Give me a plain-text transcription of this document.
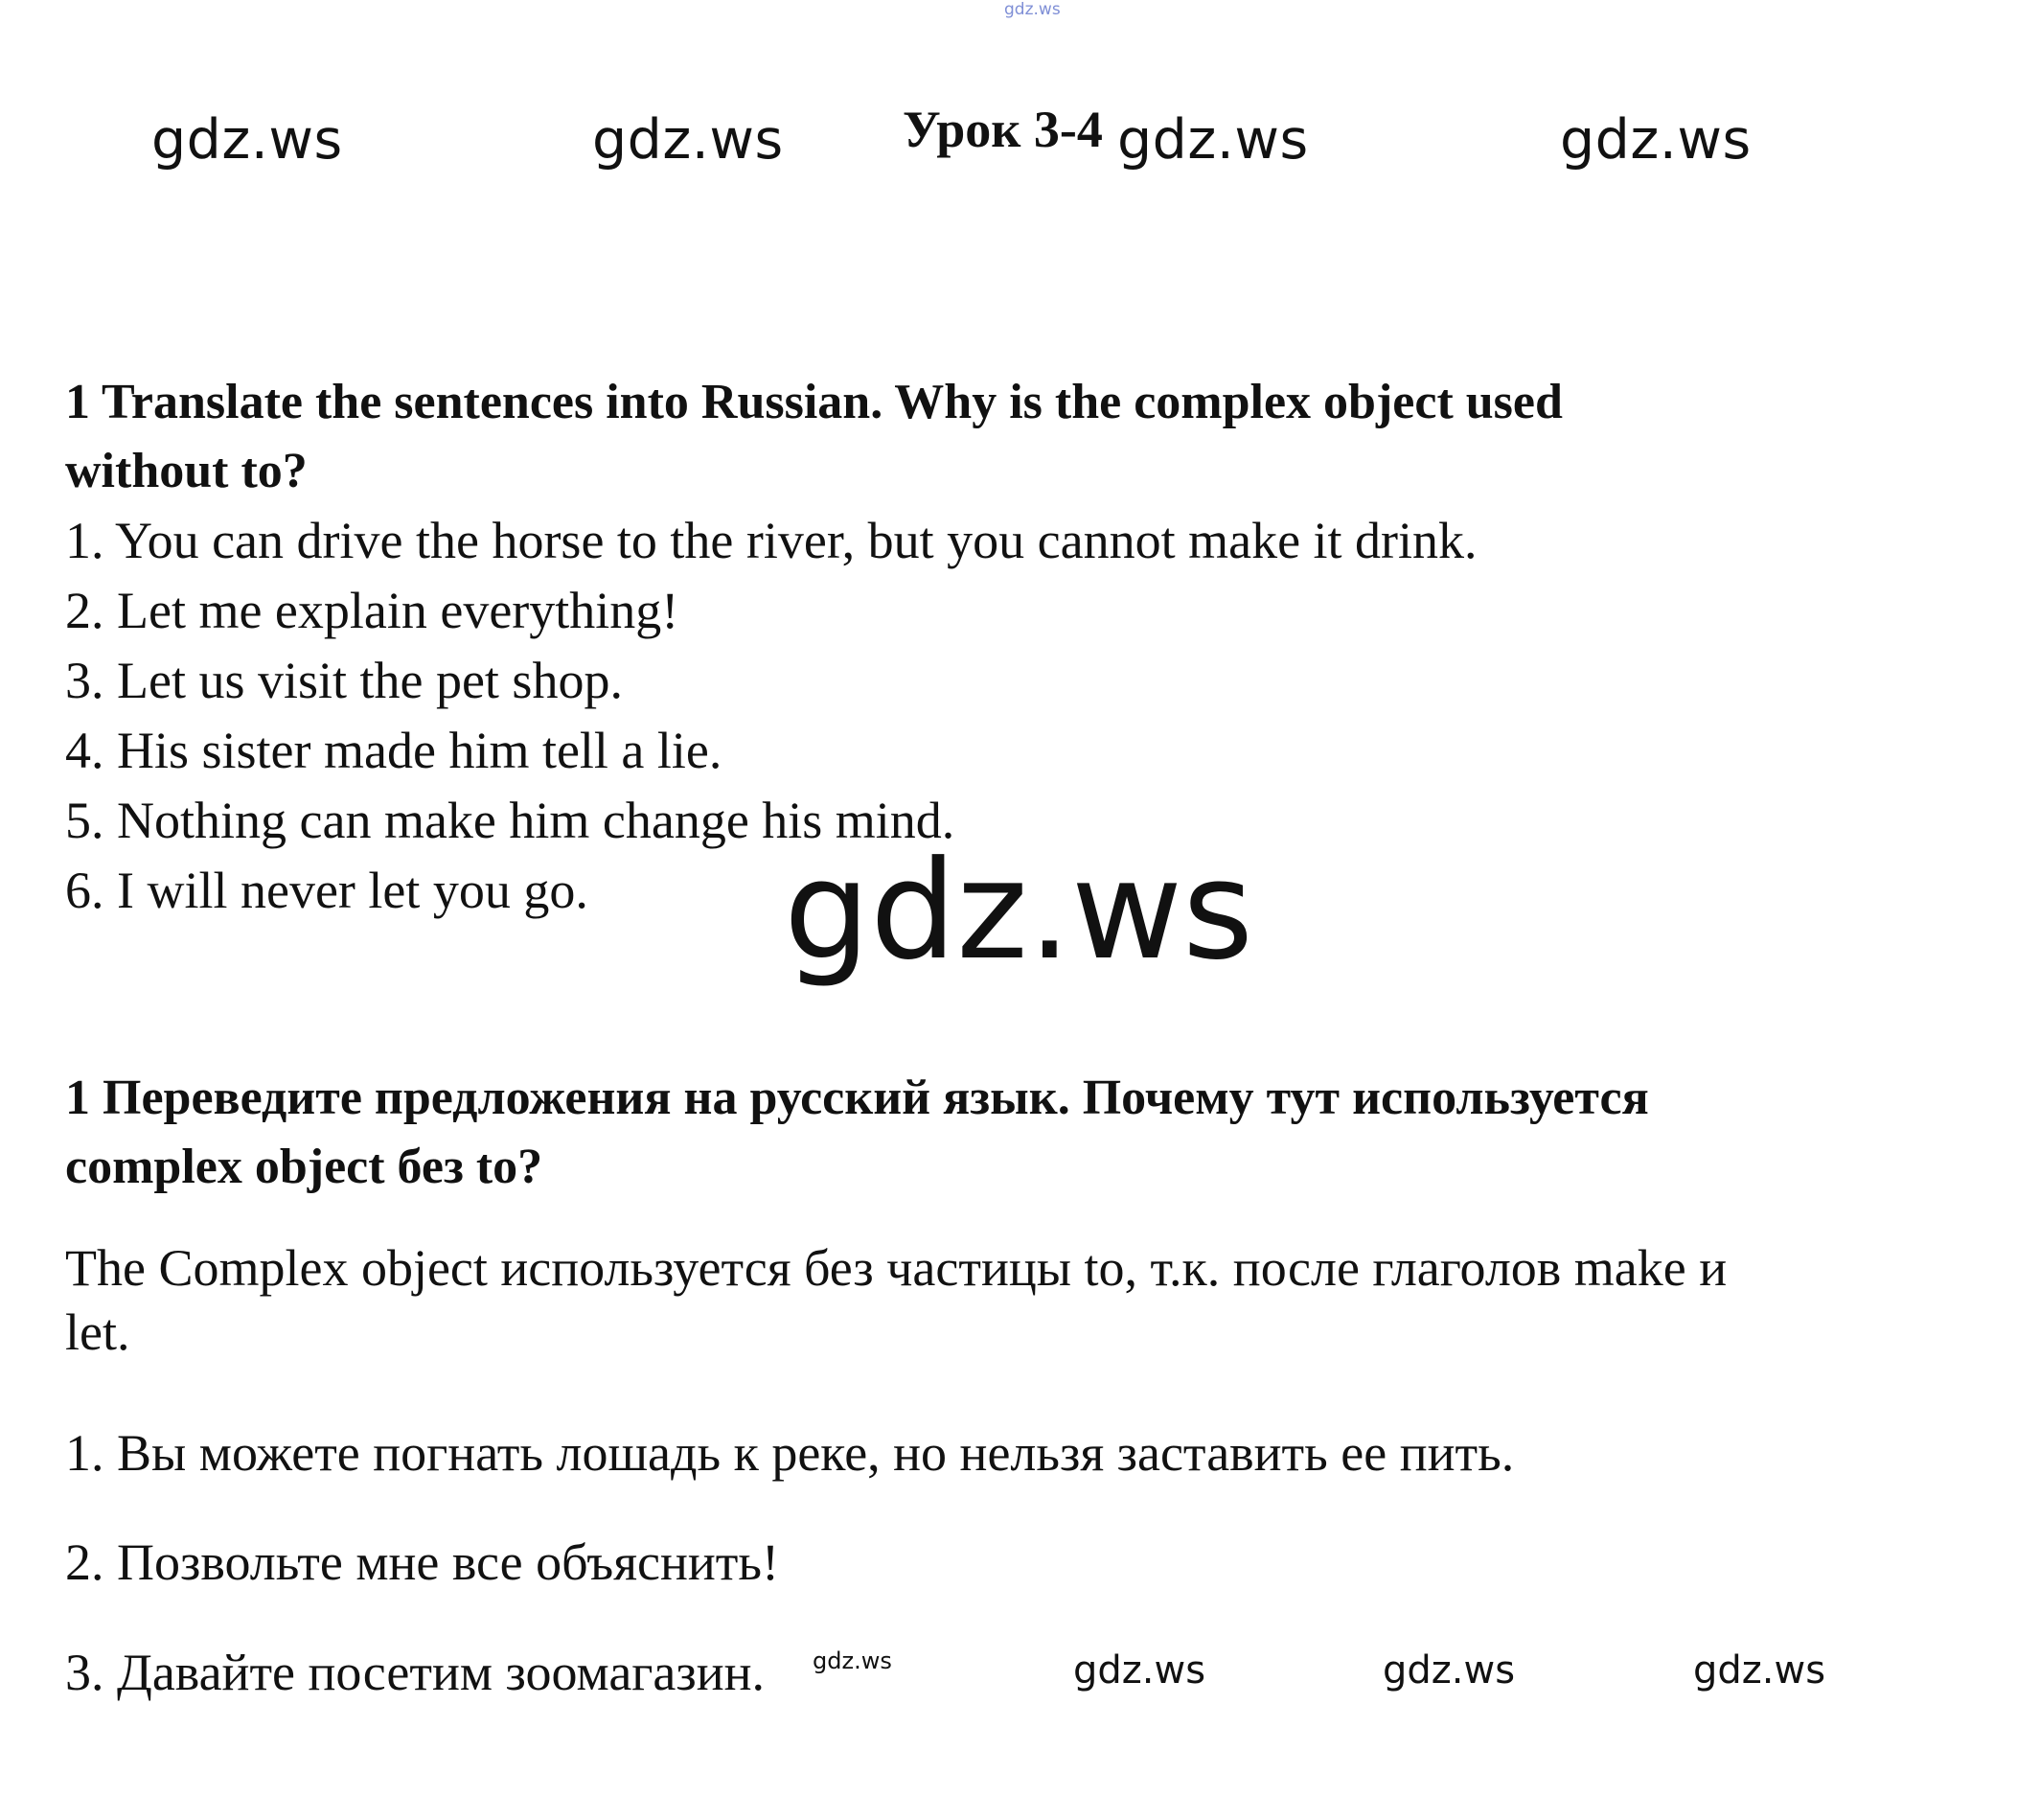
gdz.ws
gdz.ws	gdz.ws Урок 3-4 gdz.ws	gdz.ws

1 Translate the sentences into Russian. Why is the complex object used

without to?

1. You can drive the horse to the river, but you cannot make it drink.

2. Let me explain everything!

3. Let us visit the pet shop.

4. His sister made him tell a lie.

5. Nothing can make him change his mind.

6. I will never let you go.	gdz.ws

1 Переведите предложения на русский язык. Почему тут используется

complex object без to?

The Complex object используется без частицы to, т.к. после глаголов make и

let.

1. Вы можете погнать лошадь к реке, но нельзя заставить ее пить.
2. Позвольте мне все объяснить!
3. Давайте посетим зоомагазин. gdz.ws	gdz.ws	gdz.ws	gdz.ws
